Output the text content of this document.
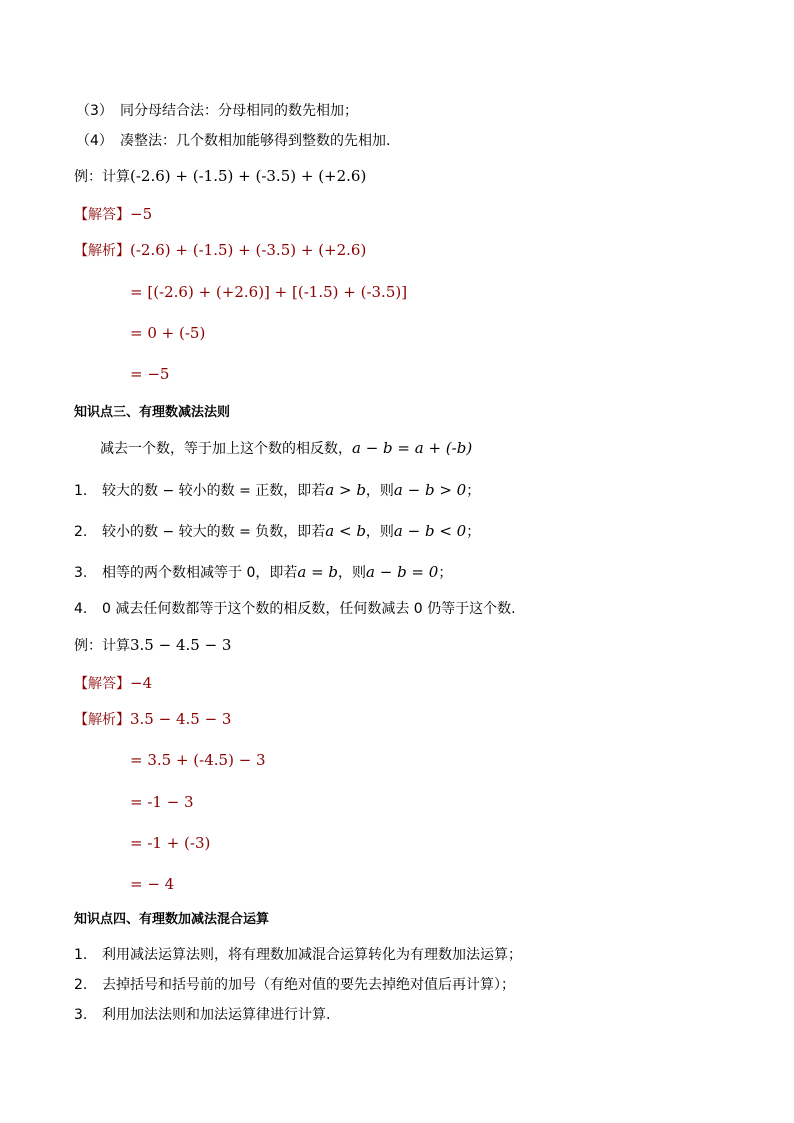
（3） 同分母结合法：分母相同的数先相加；
（4） 凑整法：几个数相加能够得到整数的先相加.
例：计算(-2.6) + (-1.5) + (-3.5) + (+2.6)
【解答】−5
【解析】(-2.6) + (-1.5) + (-3.5) + (+2.6)
= [(-2.6) + (+2.6)] + [(-1.5) + (-3.5)]
= 0 + (-5)
= −5
知识点三、有理数减法法则
减去一个数，等于加上这个数的相反数，a − b = a + (-b)
1. 较大的数 − 较小的数 = 正数，即若a > b，则a − b > 0；
2. 较小的数 − 较大的数 = 负数，即若a < b，则a − b < 0；
3. 相等的两个数相减等于 0，即若a = b，则a − b = 0；
4. 0 减去任何数都等于这个数的相反数，任何数减去 0 仍等于这个数.
例：计算3.5 − 4.5 − 3
【解答】−4
【解析】3.5 − 4.5 − 3
= 3.5 + (-4.5) − 3
= -1 − 3
= -1 + (-3)
= − 4
知识点四、有理数加减法混合运算
1. 利用减法运算法则，将有理数加减混合运算转化为有理数加法运算；
2. 去掉括号和括号前的加号（有绝对值的要先去掉绝对值后再计算）；
3. 利用加法法则和加法运算律进行计算.
